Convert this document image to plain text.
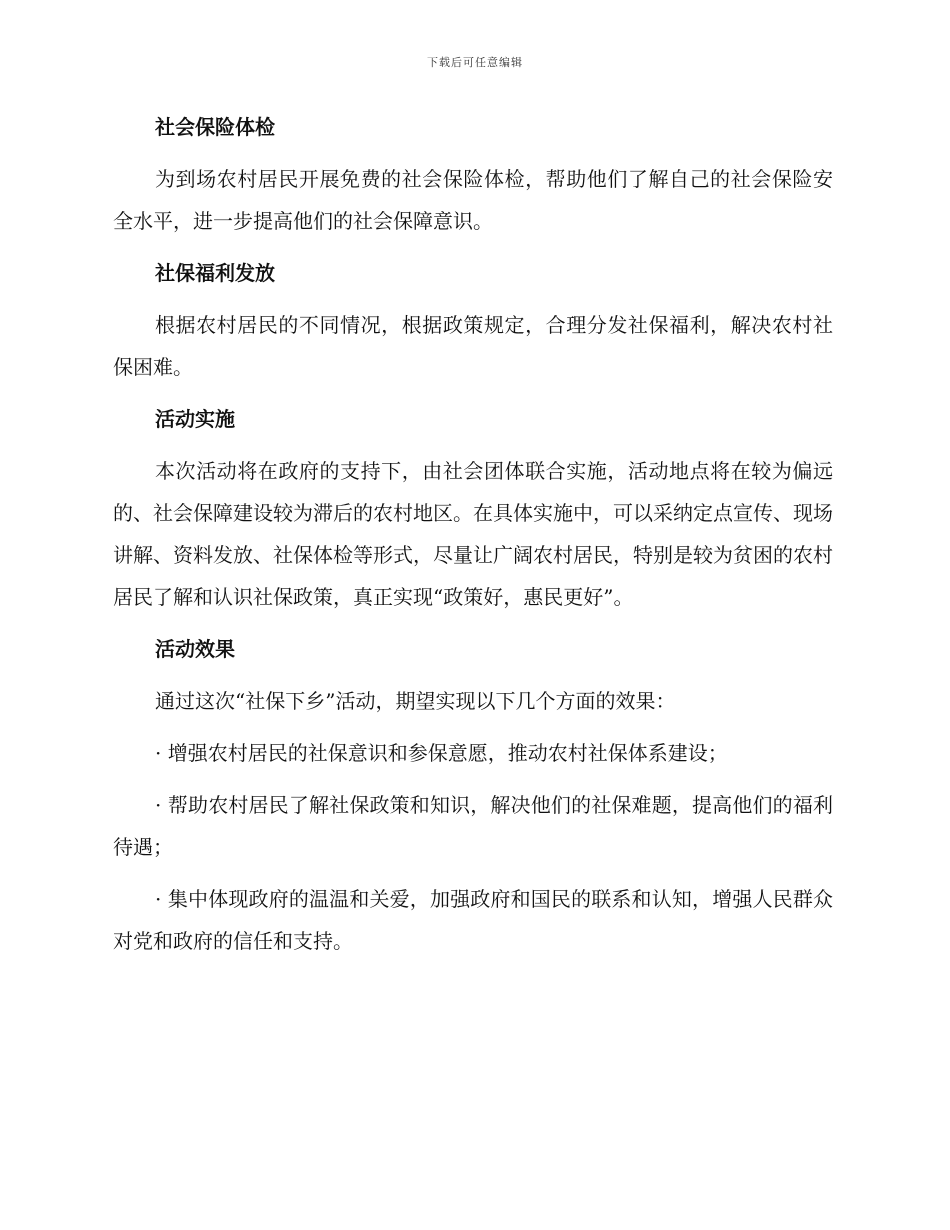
下载后可任意编辑
社会保险体检

为到场农村居民开展免费的社会保险体检，帮助他们了解自己的社会保险安全水平，进一步提高他们的社会保障意识。

社保福利发放

根据农村居民的不同情况，根据政策规定，合理分发社保福利，解决农村社保困难。

活动实施

本次活动将在政府的支持下，由社会团体联合实施，活动地点将在较为偏远的、社会保障建设较为滞后的农村地区。在具体实施中，可以采纳定点宣传、现场讲解、资料发放、社保体检等形式，尽量让广阔农村居民，特别是较为贫困的农村居民了解和认识社保政策，真正实现“政策好，惠民更好”。

活动效果

通过这次“社保下乡”活动，期望实现以下几个方面的效果：

· 增强农村居民的社保意识和参保意愿，推动农村社保体系建设；

· 帮助农村居民了解社保政策和知识，解决他们的社保难题，提高他们的福利待遇；

· 集中体现政府的温温和关爱，加强政府和国民的联系和认知，增强人民群众对党和政府的信任和支持。
